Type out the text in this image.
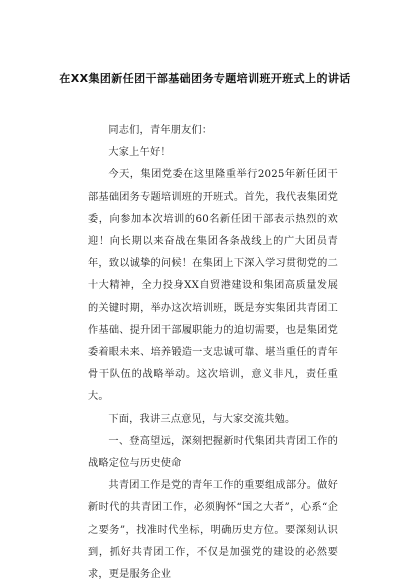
在XX集团新任团干部基础团务专题培训班开班式上的讲话

同志们，青年朋友们：

大家上午好！

今天，集团党委在这里隆重举行2025年新任团干部基础团务专题培训班的开班式。首先，我代表集团党委，向参加本次培训的60名新任团干部表示热烈的欢迎！向长期以来奋战在集团各条战线上的广大团员青年，致以诚挚的问候！在集团上下深入学习贯彻党的二十大精神，全力投身XX自贸港建设和集团高质量发展的关键时期，举办这次培训班，既是夯实集团共青团工作基础、提升团干部履职能力的迫切需要，也是集团党委着眼未来、培养锻造一支忠诚可靠、堪当重任的青年骨干队伍的战略举动。这次培训，意义非凡，责任重大。

下面，我讲三点意见，与大家交流共勉。

一、登高望远，深刻把握新时代集团共青团工作的战略定位与历史使命

共青团工作是党的青年工作的重要组成部分。做好新时代的共青团工作，必须胸怀“国之大者”，心系“企之要务”，找准时代坐标，明确历史方位。要深刻认识到，抓好共青团工作，不仅是加强党的建设的必然要求，更是服务企业
